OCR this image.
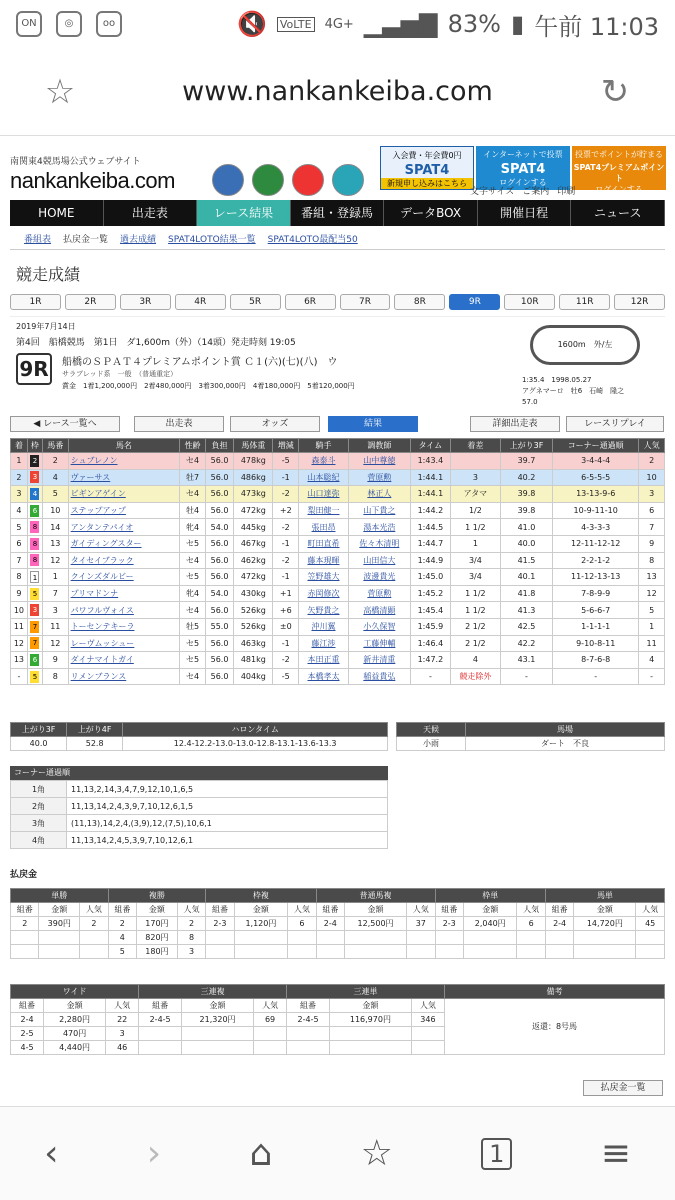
ON	◎	oo	🔇 VoLTE 4G+ ▁▃▅▇ 83% ▮ 午前 11:03
☆	www.nankankeiba.com	↻
南関東4競馬場公式ウェブサイト
nankankeiba.com
入会費・年会費0円
SPAT4
新規申し込みはこちら
インターネットで投票
SPAT4
ログインする
投票でポイントが貯まる
SPAT4プレミアムポイント
ログインする
文字サイズ ご案内 印刷
HOME	出走表	レース結果	番組・登録馬	データBOX	開催日程	ニュース
番組表 払戻金一覧 過去成績 SPAT4LOTO結果一覧 SPAT4LOTO最配当50
競走成績
1R	2R	3R	4R	5R	6R	7R	8R	9R	10R	11R	12R
2019年7月14日
第4回　船橋競馬　第1日　ダ1,600m（外）（14頭）発走時刻 19:05
9R	船橋のＳＰＡＴ４プレミアムポイント賞 Ｃ１(六)(七)(八)　ウ
サラブレッド系　一般　（普通重定）
賞金　1着1,200,000円　2着480,000円　3着300,000円　4着180,000円　5着120,000円
1600m　外/左
1:35.4　1998.05.27
アグネマーロ　牡6　石崎　隆之
57.0
◀ レース一覧へ	出走表	オッズ	結果	詳細出走表	レースリプレイ
着	枠	馬番	馬名	性齢	負担	馬体重	増減	騎手	調教師	タイム	着差	上がり3F	コーナー通過順	人気
1	2	2	シュブレノン	セ4	56.0	478kg	-5	森泰斗	山中尊徳	1:43.4		39.7	3-4-4-4	2
2	3	4	ヴァーサス	牡7	56.0	486kg	-1	山本聡紀	菅原勲	1:44.1	3	40.2	6-5-5-5	10
3	4	5	ビギンアゲイン	セ4	56.0	473kg	-2	山口達弥	林正人	1:44.1	アタマ	39.8	13-13-9-6	3
4	6	10	ステップアップ	牡4	56.0	472kg	+2	梨田健一	山下貴之	1:44.2	1/2	39.8	10-9-11-10	6
5	8	14	アンタンテパイオ	牝4	54.0	445kg	-2	張田昂	湯本光浩	1:44.5	1 1/2	41.0	4-3-3-3	7
6	8	13	ガイディングスター	セ5	56.0	467kg	-1	町田直希	佐々木清明	1:44.7	1	40.0	12-11-12-12	9
7	8	12	タイセイブラック	セ4	56.0	462kg	-2	藤本現暉	山田信大	1:44.9	3/4	41.5	2-2-1-2	8
8	1	1	クインズダルビー	セ5	56.0	472kg	-1	笠野雄大	波邊貴光	1:45.0	3/4	40.1	11-12-13-13	13
9	5	7	プリマドンナ	牝4	54.0	430kg	+1	赤岡修次	菅原勲	1:45.2	1 1/2	41.8	7-8-9-9	12
10	3	3	パワフルヴォイス	セ4	56.0	526kg	+6	矢野貴之	高橋清顕	1:45.4	1 1/2	41.3	5-6-6-7	5
11	7	11	トーセンテキーラ	牡5	55.0	526kg	±0	沖川翼	小久保智	1:45.9	2 1/2	42.5	1-1-1-1	1
12	7	12	レーヴムッシュー	セ5	56.0	463kg	-1	藤江渉	工藤伸輔	1:46.4	2 1/2	42.2	9-10-8-11	11
13	6	9	ダイナマイトガイ	セ5	56.0	481kg	-2	本田正重	新井清重	1:47.2	4	43.1	8-7-6-8	4
-	5	8	リメンブランス	セ4	56.0	404kg	-5	本橋孝太	稲益貴弘	-	競走除外	-	-	-
上がり3F	上がり4F	ハロンタイム
40.0	52.8	12.4-12.2-13.0-13.0-12.8-13.1-13.6-13.3
天候	馬場
小雨	ダート　不良
コーナー通過順
1角	11,13,2,14,3,4,7,9,12,10,1,6,5
2角	11,13,14,2,4,3,9,7,10,12,6,1,5
3角	(11,13),14,2,4,(3,9),12,(7,5),10,6,1
4角	11,13,14,2,4,5,3,9,7,10,12,6,1
払戻金
単勝			複勝			枠複			普通馬複			枠単			馬単		
組番	金額	人気	組番	金額	人気	組番	金額	人気	組番	金額	人気	組番	金額	人気	組番	金額	人気
2	390円	2	2	170円	2	2-3	1,120円	6	2-4	12,500円	37	2-3	2,040円	6	2-4	14,720円	45
			4	820円	8												
			5	180円	3												
ワイド			三連複			三連単			備考
組番	金額	人気	組番	金額	人気	組番	金額	人気	返還：8号馬
2-4	2,280円	22	2-4-5	21,320円	69	2-4-5	116,970円	346	
2-5	470円	3							
4-5	4,440円	46							
払戻金一覧
‹ › ⌂ ☆	1	≡
